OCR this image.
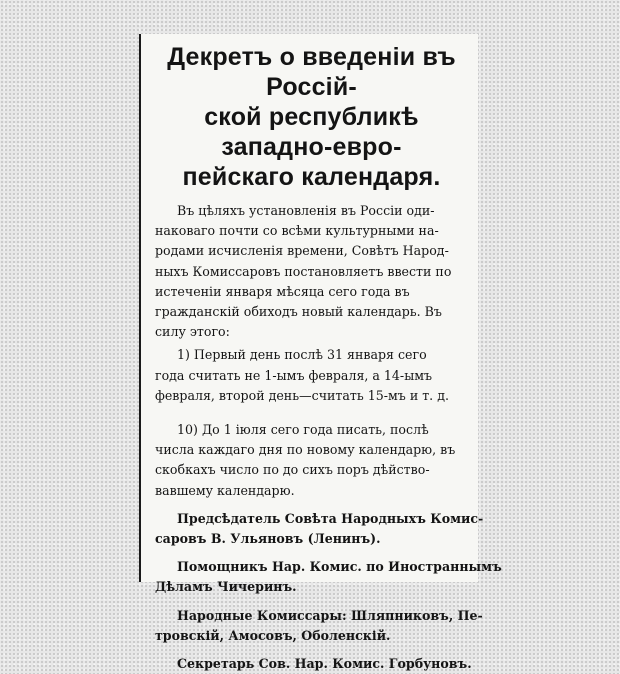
Декретъ о введеніи въ Россій-
ской республикѣ западно-евро-
пейскаго календаря.
Въ цѣляхъ установленія въ Россіи оди-
наковаго почти со всѣми культурными на-
родами исчисленія времени, Совѣтъ Народ-
ныхъ Комиссаровъ постановляетъ ввести по
истеченіи января мѣсяца сего года въ
гражданскій обиходъ новый календарь. Въ
силу этого:
1) Первый день послѣ 31 января сего
года считать не 1-ымъ февраля, а 14-ымъ
февраля, второй день—считать 15-мъ и т. д.
10) До 1 іюля сего года писать, послѣ
числа каждаго дня по новому календарю, въ
скобкахъ число по до сихъ поръ дѣйство-
вавшему календарю.
Предсѣдатель Совѣта Народныхъ Комис-
саровъ В. Ульяновъ (Ленинъ).
Помощникъ Нар. Комис. по Иностраннымъ
Дѣламъ Чичеринъ.
Народные Комиссары: Шляпниковъ, Пе-
тровскій, Амосовъ, Оболенскій.
Секретарь Сов. Нар. Комис. Горбуновъ.
